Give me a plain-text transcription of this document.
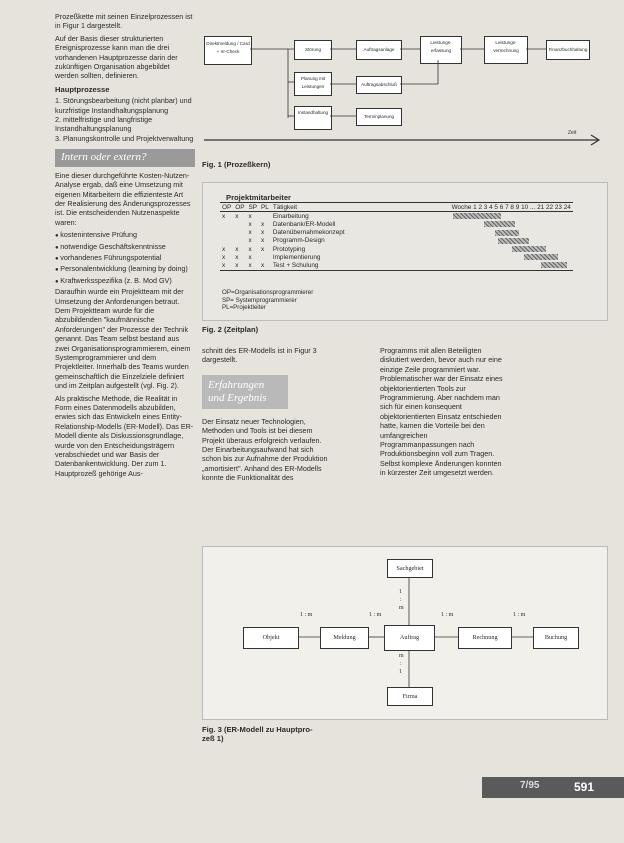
Prozeßkette mit seinen Einzelprozessen ist in Figur 1 dargestellt.

Auf der Basis dieser strukturierten Ereignisprozesse kann man die drei vorhandenen Hauptprozesse darin der zukünftigen Organisation abgebildet werden sollten, definieren.

Hauptprozesse
1. Störungsbearbeitung (nicht planbar) und kurzfristige Instandhaltungsplanung
2. mittelfristige und langfristige Instandhaltungsplanung
3. Planungskontrolle und Projektverwaltung
Intern oder extern?

Eine dieser durchgeführte Kosten-Nutzen-Analyse ergab, daß eine Umsetzung mit eigenen Mitarbeitern die effizienteste Art der Realisierung des Änderungsprozesses ist. Die entscheidenden Nutzenaspekte waren:

● kostenintensive Prüfung
● notwendige Geschäftskenntnisse
● vorhandenes Führungspotential
● Personalentwicklung (learning by doing)
● Kraftwerksspezifika (z. B. Mod GV)

Daraufhin wurde ein Projektteam mit der Umsetzung der Anforderungen betraut. Dem Projektteam wurde für die abzubildenden "kaufmännische Anforderungen" der Prozesse der Technik genannt. Das Team selbst bestand aus zwei Organisationsprogrammierern, einem Systemprogrammierer und dem Projektleiter. Innerhalb des Teams wurden gemeinschaftlich die Einzelziele definiert und im Zeitplan aufgestellt (vgl. Fig. 2).

Als praktische Methode, die Realität in Form eines Datenmodells abzubilden, erwies sich das Entwickeln eines Entity-Relationship-Modells (ER-Modell). Das ER-Modell diente als Diskussionsgrundlage, wurde von den Entscheidungsträgern verabschiedet und war Basis der Datenbankentwicklung. Der zum 1. Hauptprozeß gehörige Aus-

Direktmeldung / Card + Irr-Check	Störung	Auftragsanlage
Leistungs-erfassung
Leistungs-verrechnung	Finanzbuchhaltung
Planung mit Leistungen	Auftragsabschluß
Instandhaltung
Terminplanung
Zeit
Fig. 1 (Prozeßkern)
Projektmitarbeiter
OP	OP	SP	PL	Tätigkeit	Woche 1 2 3 4 5 6 7 8 9 10 ... 21 22 23 24
x	x	x		Einarbeitung	

		x	x	Datenbank/ER-Modell	

		x	x	Datenübernahmekonzept	

		x	x	Programm-Design	

x	x	x	x	Prototyping	

x	x	x		Implementierung	

x	x	x	x	Test + Schulung	
OP=Organisationsprogrammierer
SP= Systemprogrammierer
PL=Projektleiter
Fig. 2 (Zeitplan)

schnitt des ER-Modells ist in Figur 3 dargestellt.

Erfahrungen
und Ergebnis

Der Einsatz neuer Technologien, Methoden und Tools ist bei diesem Projekt überaus erfolgreich verlaufen. Der Einarbeitungsaufwand hat sich schon bis zur Aufnahme der Produktion „amortisiert". Anhand des ER-Modells konnte die Funktionalität des

Programms mit allen Beteiligten diskutiert werden, bevor auch nur eine einzige Zeile programmiert war. Problematischer war der Einsatz eines objektorientierten Tools zur Programmierung. Aber nachdem man sich für einen konsequent objektorientierten Einsatz entschieden hatte, kamen die Vorteile bei den umfangreichen Programmanpassungen nach Produktionsbeginn voll zum Tragen. Selbst komplexe Änderungen konnten in kürzester Zeit umgesetzt werden.

Sachgebiet
Objekt	Meldung	Auftrag	Rechnung	Buchung
Firma
1 : m	1 : m	1 : m	1 : m
1
:
m
m
:
1
Fig. 3 (ER-Modell zu Hauptpro-
zeß 1)
7/95	591
